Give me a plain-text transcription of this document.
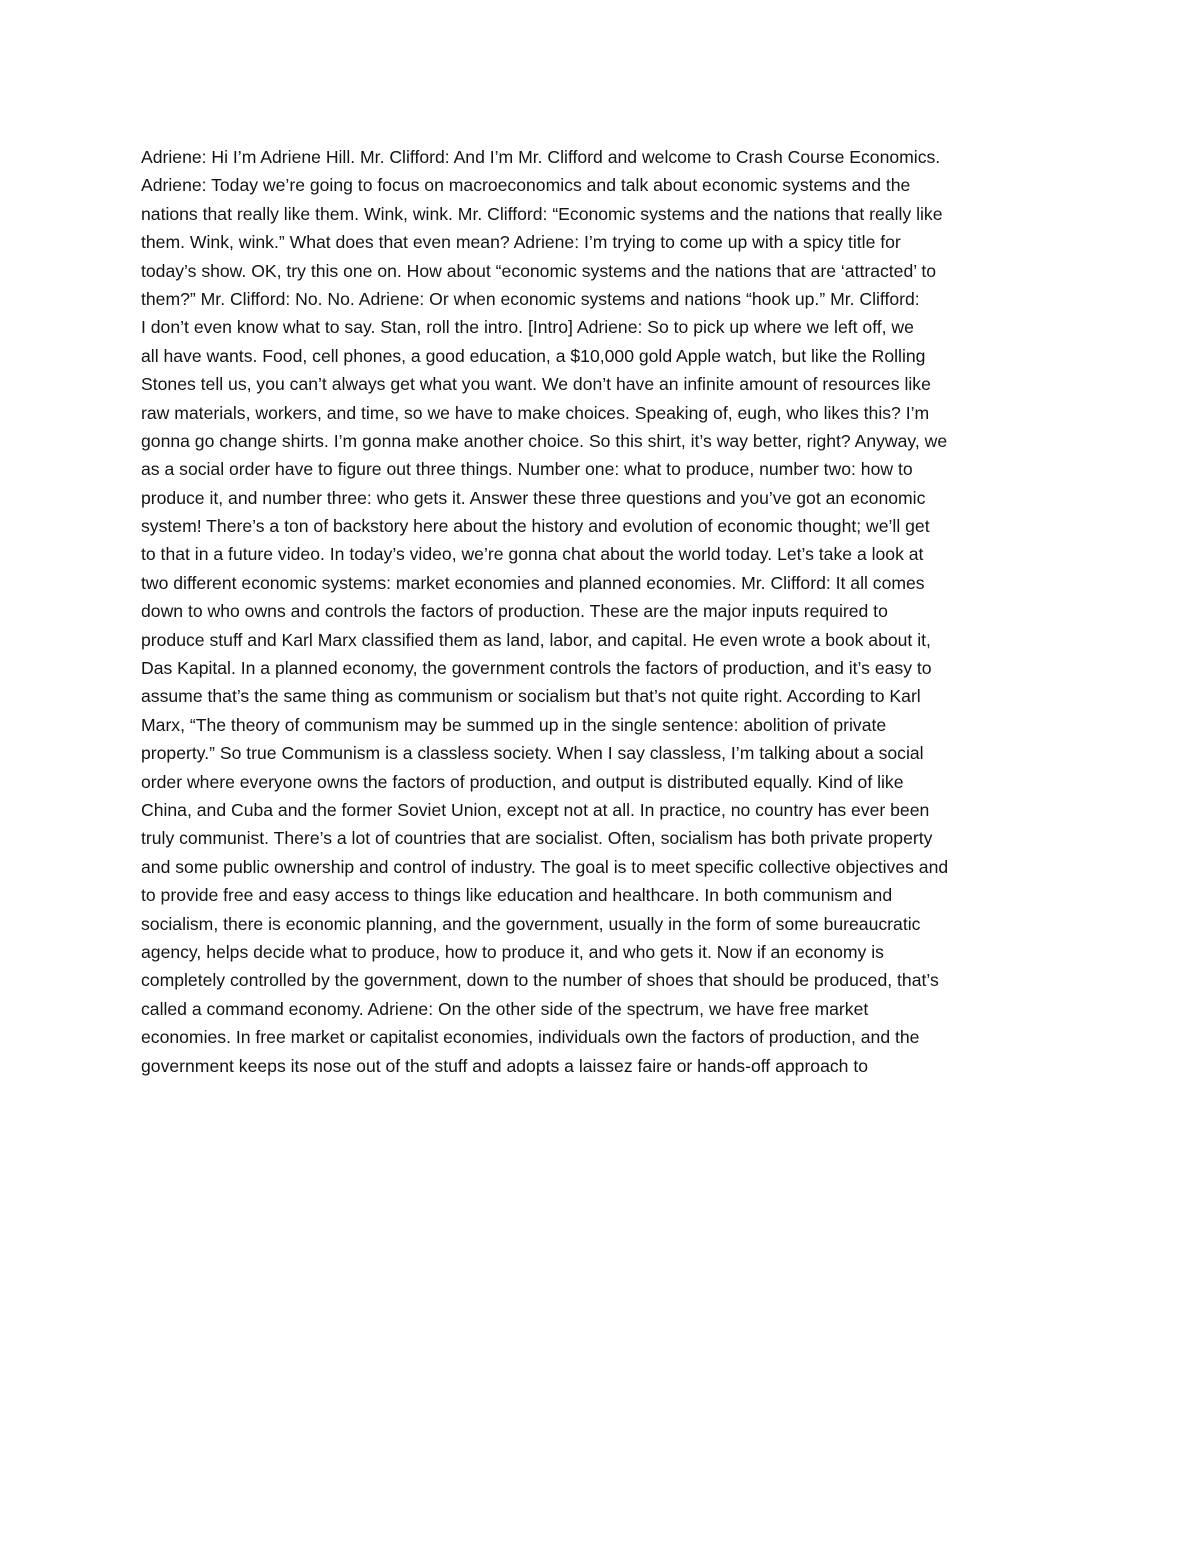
Adriene: Hi I’m Adriene Hill. Mr. Clifford: And I’m Mr. Clifford and welcome to Crash Course Economics.
Adriene: Today we’re going to focus on macroeconomics and talk about economic systems and the
nations that really like them. Wink, wink. Mr. Clifford: “Economic systems and the nations that really like
them. Wink, wink.” What does that even mean? Adriene: I’m trying to come up with a spicy title for
today’s show. OK, try this one on. How about “economic systems and the nations that are ‘attracted’ to
them?” Mr. Clifford: No. No. Adriene: Or when economic systems and nations “hook up.” Mr. Clifford:
I don’t even know what to say. Stan, roll the intro. [Intro] Adriene: So to pick up where we left off, we
all have wants. Food, cell phones, a good education, a $10,000 gold Apple watch, but like the Rolling
Stones tell us, you can’t always get what you want. We don’t have an infinite amount of resources like
raw materials, workers, and time, so we have to make choices. Speaking of, eugh, who likes this? I’m
gonna go change shirts. I’m gonna make another choice. So this shirt, it’s way better, right? Anyway, we
as a social order have to figure out three things. Number one: what to produce, number two: how to
produce it, and number three: who gets it. Answer these three questions and you’ve got an economic
system! There’s a ton of backstory here about the history and evolution of economic thought; we’ll get
to that in a future video. In today’s video, we’re gonna chat about the world today. Let’s take a look at
two different economic systems: market economies and planned economies. Mr. Clifford: It all comes
down to who owns and controls the factors of production. These are the major inputs required to
produce stuff and Karl Marx classified them as land, labor, and capital. He even wrote a book about it,
Das Kapital. In a planned economy, the government controls the factors of production, and it’s easy to
assume that’s the same thing as communism or socialism but that’s not quite right. According to Karl
Marx, “The theory of communism may be summed up in the single sentence: abolition of private
property.” So true Communism is a classless society. When I say classless, I’m talking about a social
order where everyone owns the factors of production, and output is distributed equally. Kind of like
China, and Cuba and the former Soviet Union, except not at all. In practice, no country has ever been
truly communist. There’s a lot of countries that are socialist. Often, socialism has both private property
and some public ownership and control of industry. The goal is to meet specific collective objectives and
to provide free and easy access to things like education and healthcare. In both communism and
socialism, there is economic planning, and the government, usually in the form of some bureaucratic
agency, helps decide what to produce, how to produce it, and who gets it. Now if an economy is
completely controlled by the government, down to the number of shoes that should be produced, that’s
called a command economy. Adriene: On the other side of the spectrum, we have free market
economies. In free market or capitalist economies, individuals own the factors of production, and the
government keeps its nose out of the stuff and adopts a laissez faire or hands-off approach to
